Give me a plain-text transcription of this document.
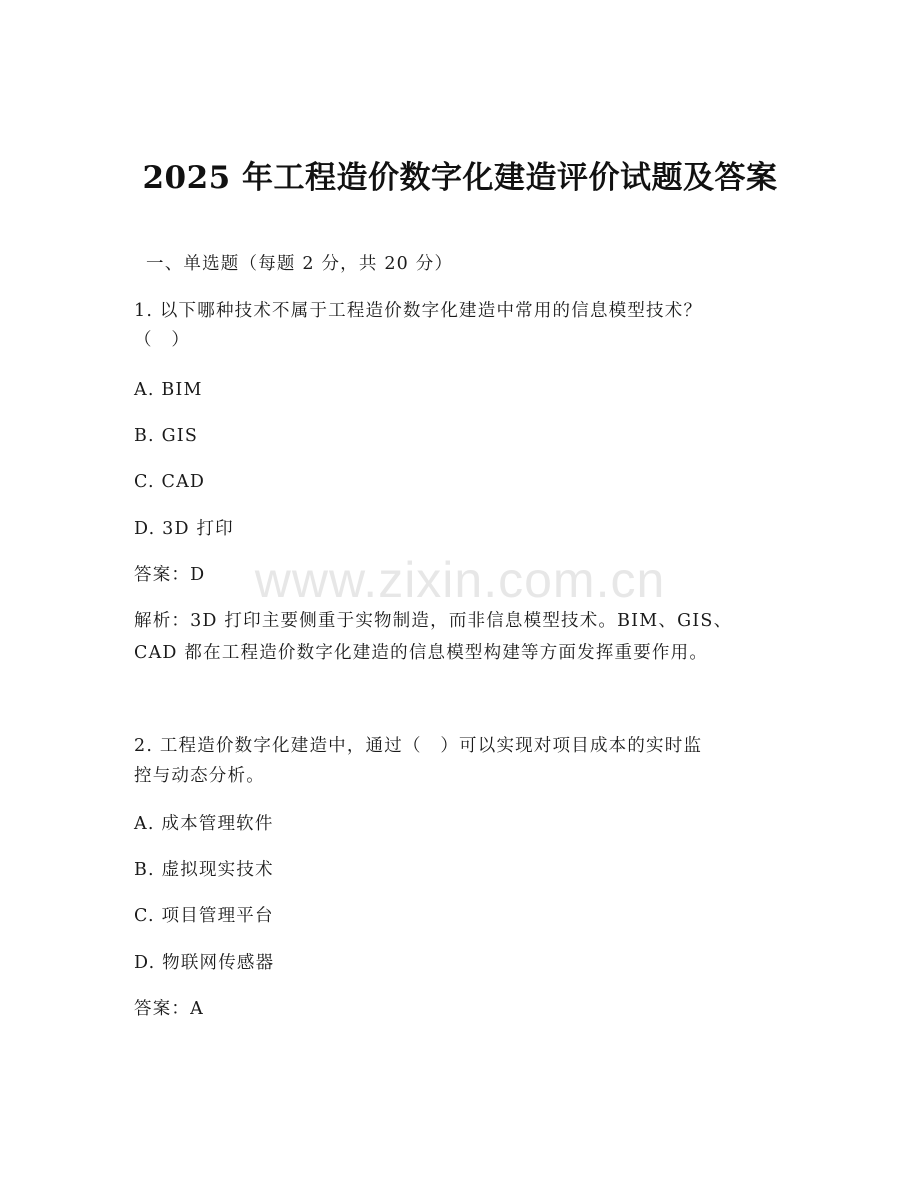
2025 年工程造价数字化建造评价试题及答案
一、单选题（每题 2 分，共 20 分）
1. 以下哪种技术不属于工程造价数字化建造中常用的信息模型技术？
（　）
A. BIM
B. GIS
C. CAD
D. 3D 打印
答案：D
解析：3D 打印主要侧重于实物制造，而非信息模型技术。BIM、GIS、
CAD 都在工程造价数字化建造的信息模型构建等方面发挥重要作用。
2. 工程造价数字化建造中，通过（　）可以实现对项目成本的实时监
控与动态分析。
A. 成本管理软件
B. 虚拟现实技术
C. 项目管理平台
D. 物联网传感器
答案：A
www.zixin.com.cn
